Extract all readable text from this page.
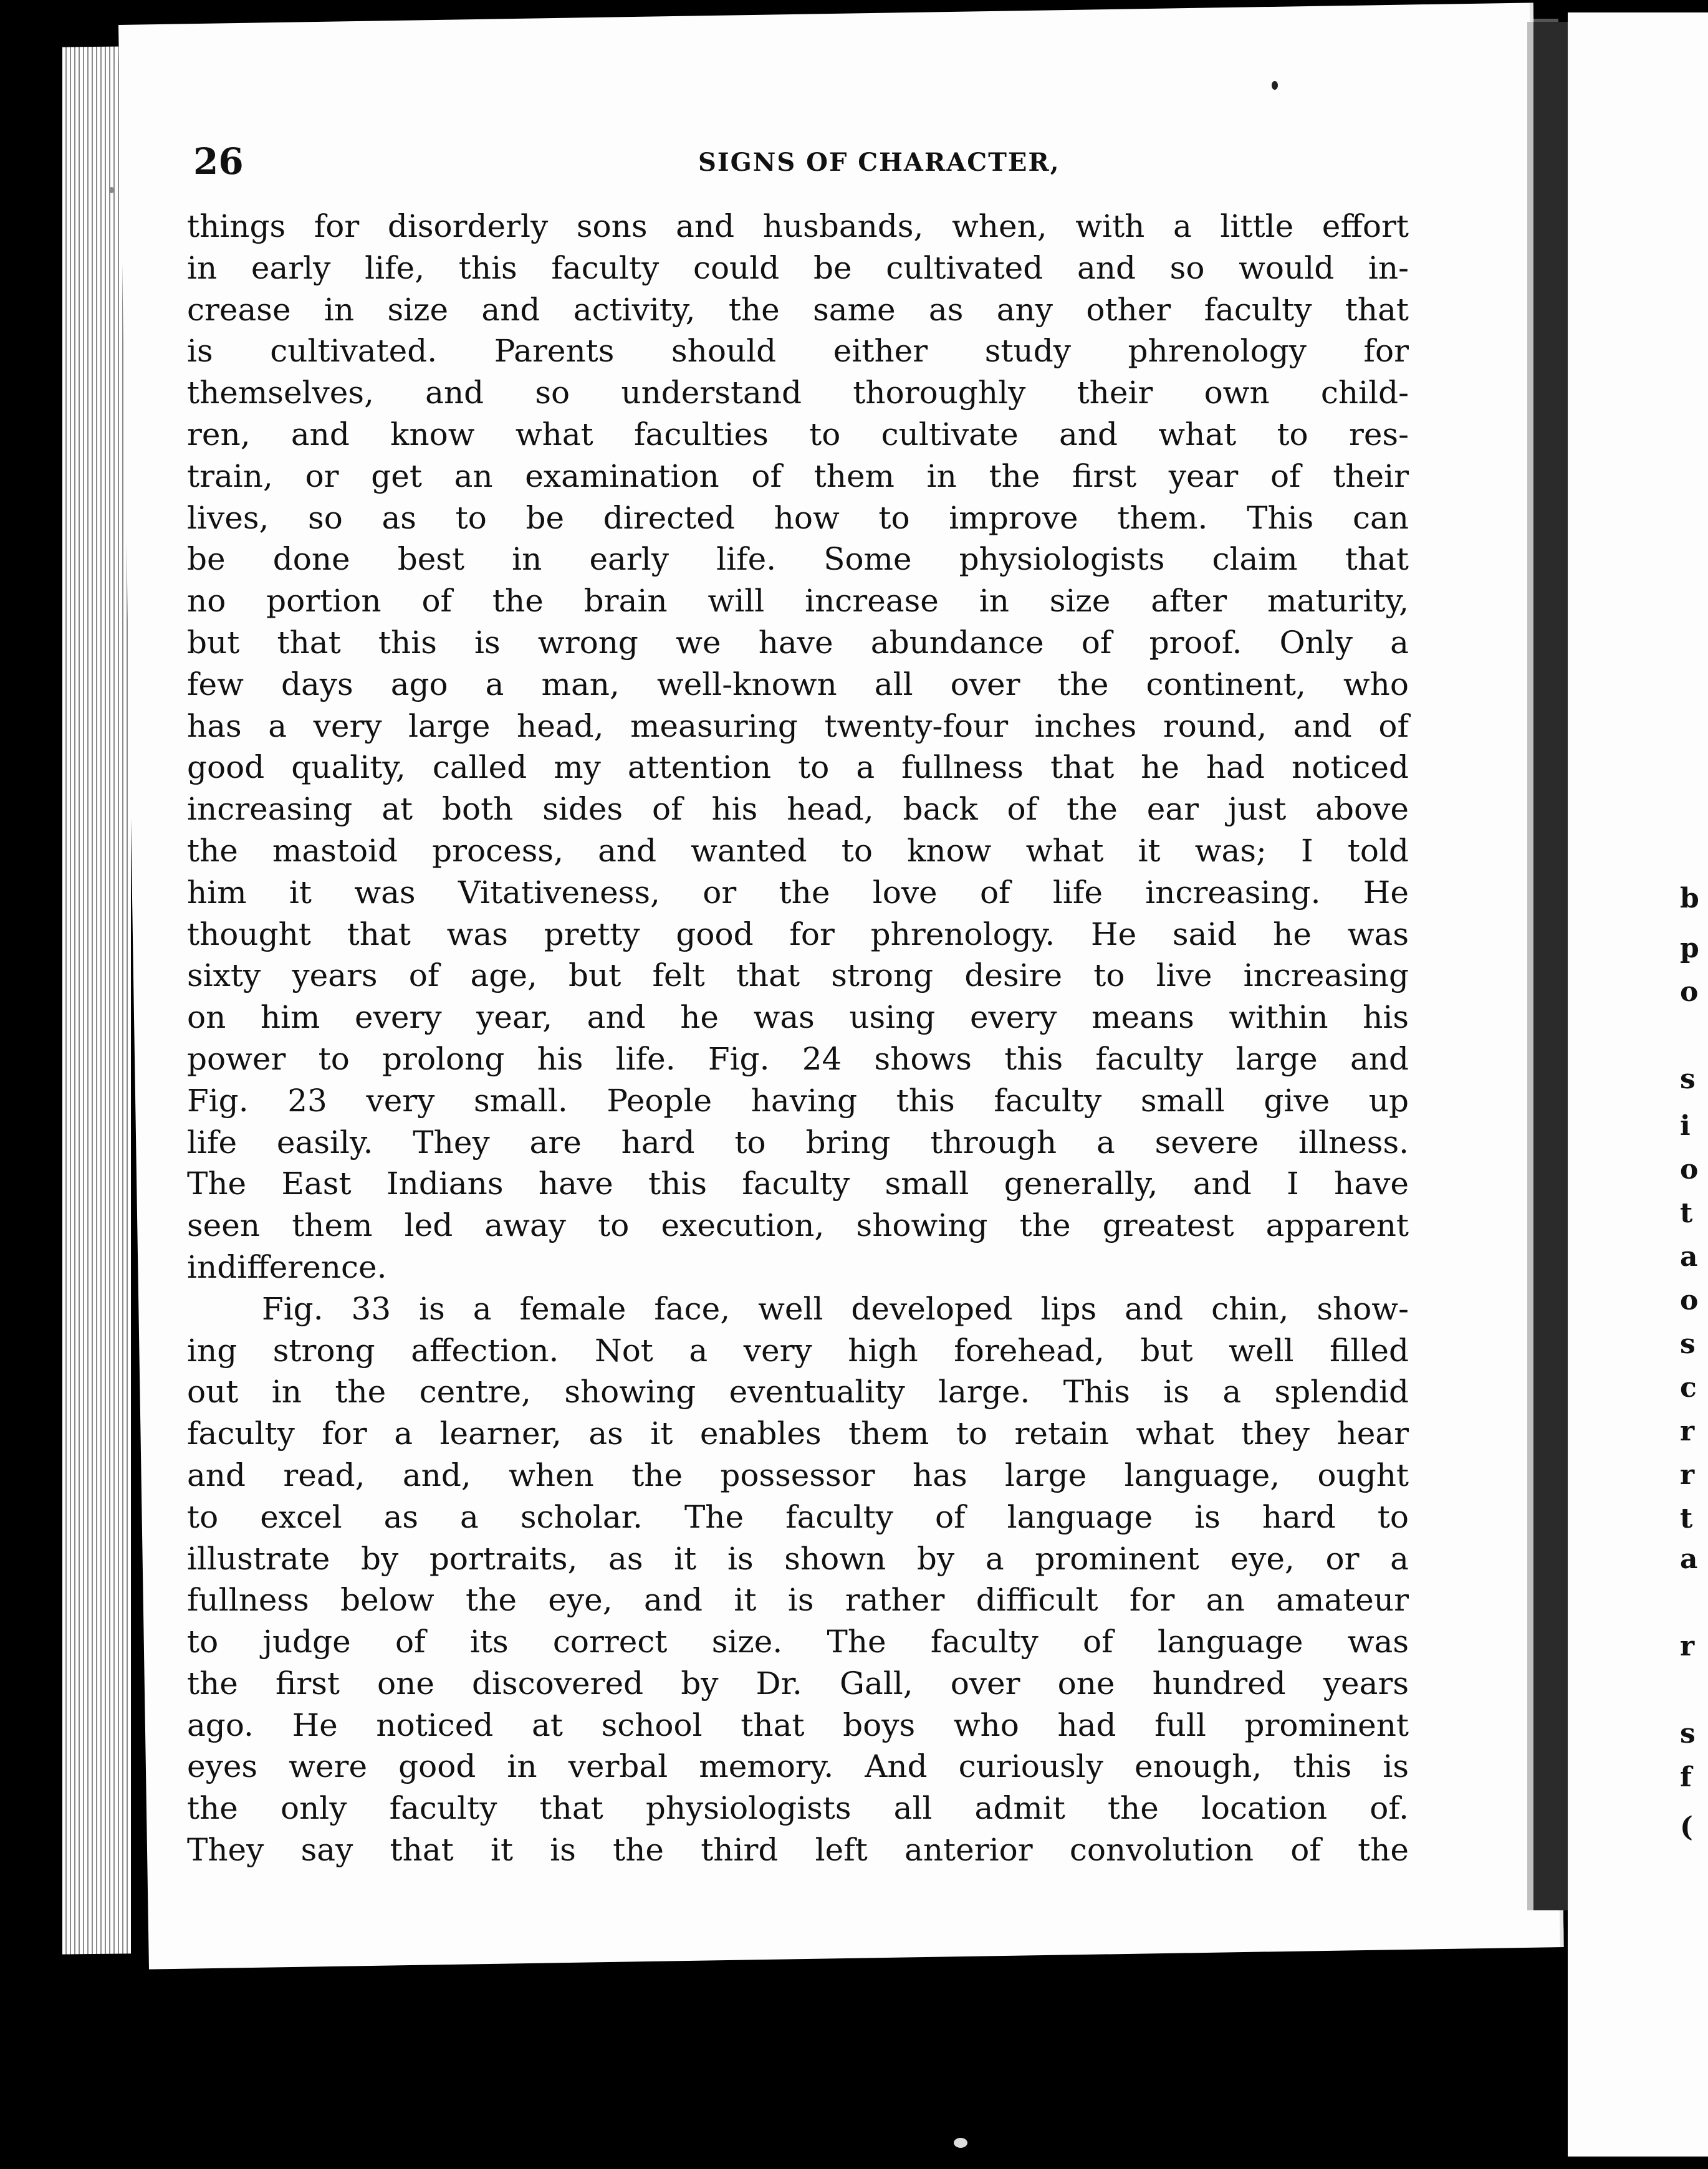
b
p
o
s
i
o
t
a
o
s
c
r
r
t
a
r
s
f
(
26	SIGNS OF CHARACTER,
things for disorderly sons and husbands, when, with a little effort
in early life, this faculty could be cultivated and so would in-
crease in size and activity, the same as any other faculty that
is cultivated. Parents should either study phrenology for
themselves, and so understand thoroughly their own child-
ren, and know what faculties to cultivate and what to res-
train, or get an examination of them in the first year of their
lives, so as to be directed how to improve them. This can
be done best in early life. Some physiologists claim that
no portion of the brain will increase in size after maturity,
but that this is wrong we have abundance of proof. Only a
few days ago a man, well-known all over the continent, who
has a very large head, measuring twenty-four inches round, and of
good quality, called my attention to a fullness that he had noticed
increasing at both sides of his head, back of the ear just above
the mastoid process, and wanted to know what it was; I told
him it was Vitativeness, or the love of life increasing. He
thought that was pretty good for phrenology. He said he was
sixty years of age, but felt that strong desire to live increasing
on him every year, and he was using every means within his
power to prolong his life. Fig. 24 shows this faculty large and
Fig. 23 very small. People having this faculty small give up
life easily. They are hard to bring through a severe illness.
The East Indians have this faculty small generally, and I have
seen them led away to execution, showing the greatest apparent
indifference.
Fig. 33 is a female face, well developed lips and chin, show-
ing strong affection. Not a very high forehead, but well filled
out in the centre, showing eventuality large. This is a splendid
faculty for a learner, as it enables them to retain what they hear
and read, and, when the possessor has large language, ought
to excel as a scholar. The faculty of language is hard to
illustrate by portraits, as it is shown by a prominent eye, or a
fullness below the eye, and it is rather difficult for an amateur
to judge of its correct size. The faculty of language was
the first one discovered by Dr. Gall, over one hundred years
ago. He noticed at school that boys who had full prominent
eyes were good in verbal memory. And curiously enough, this is
the only faculty that physiologists all admit the location of.
They say that it is the third left anterior convolution of the
